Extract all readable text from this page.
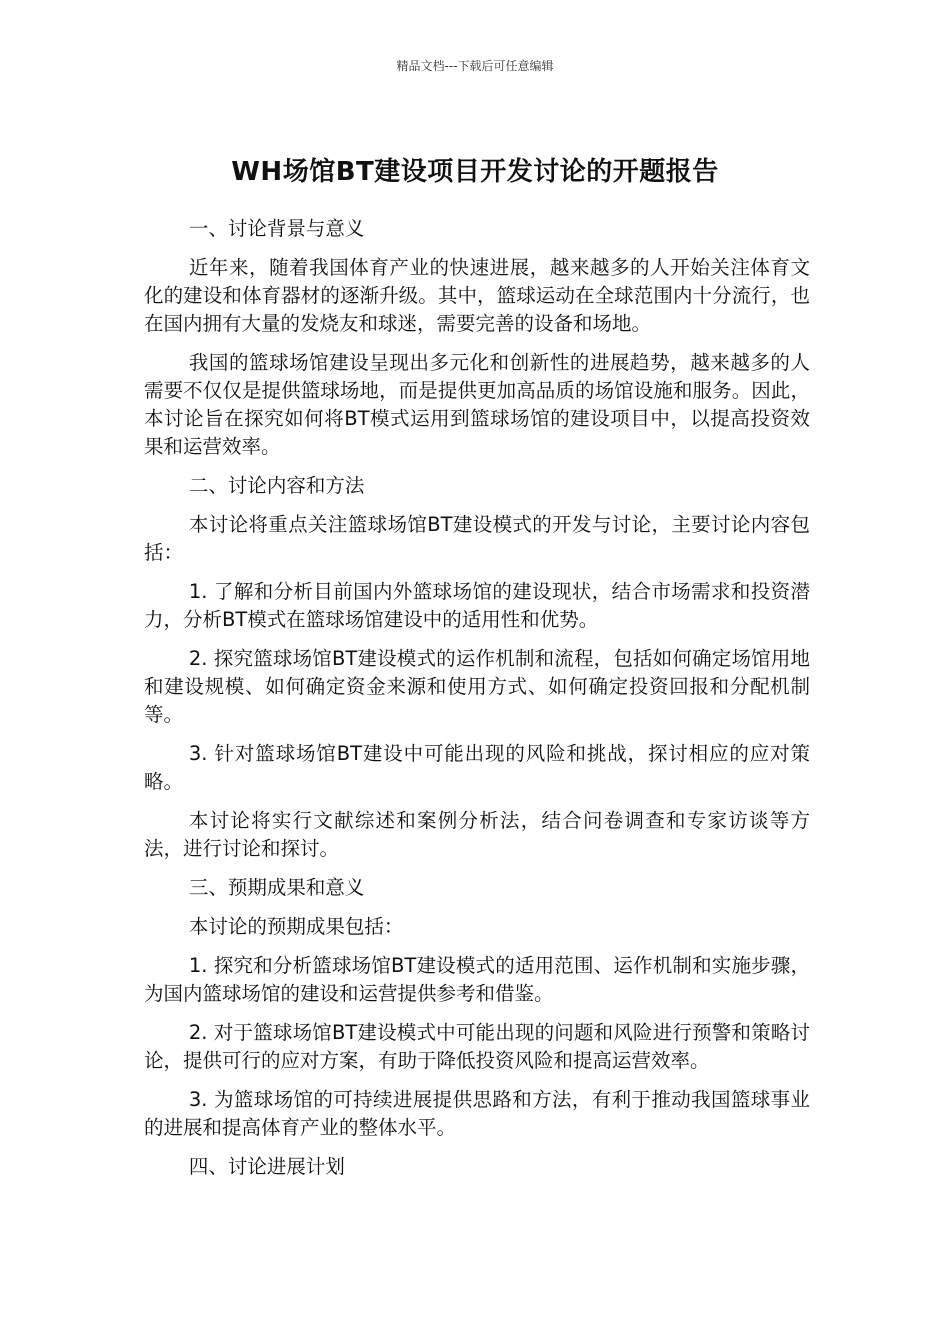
精品文档---下载后可任意编辑
WH场馆BT建设项目开发讨论的开题报告

一、讨论背景与意义

近年来，随着我国体育产业的快速进展，越来越多的人开始关注体育文化的建设和体育器材的逐渐升级。其中，篮球运动在全球范围内十分流行，也在国内拥有大量的发烧友和球迷，需要完善的设备和场地。

我国的篮球场馆建设呈现出多元化和创新性的进展趋势，越来越多的人需要不仅仅是提供篮球场地，而是提供更加高品质的场馆设施和服务。因此，本讨论旨在探究如何将BT模式运用到篮球场馆的建设项目中，以提高投资效果和运营效率。

二、讨论内容和方法

本讨论将重点关注篮球场馆BT建设模式的开发与讨论，主要讨论内容包括：

1. 了解和分析目前国内外篮球场馆的建设现状，结合市场需求和投资潜力，分析BT模式在篮球场馆建设中的适用性和优势。

2. 探究篮球场馆BT建设模式的运作机制和流程，包括如何确定场馆用地和建设规模、如何确定资金来源和使用方式、如何确定投资回报和分配机制等。

3. 针对篮球场馆BT建设中可能出现的风险和挑战，探讨相应的应对策略。

本讨论将实行文献综述和案例分析法，结合问卷调查和专家访谈等方法，进行讨论和探讨。

三、预期成果和意义

本讨论的预期成果包括：

1. 探究和分析篮球场馆BT建设模式的适用范围、运作机制和实施步骤，为国内篮球场馆的建设和运营提供参考和借鉴。

2. 对于篮球场馆BT建设模式中可能出现的问题和风险进行预警和策略讨论，提供可行的应对方案，有助于降低投资风险和提高运营效率。

3. 为篮球场馆的可持续进展提供思路和方法，有利于推动我国篮球事业的进展和提高体育产业的整体水平。

四、讨论进展计划
